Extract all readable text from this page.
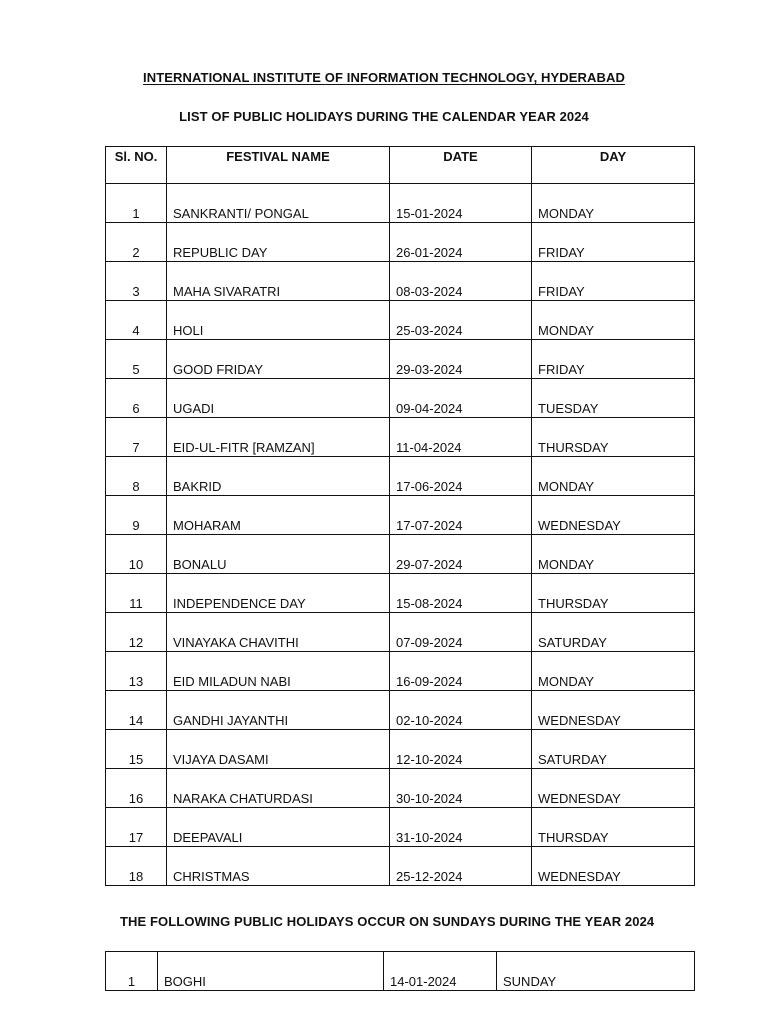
INTERNATIONAL INSTITUTE OF INFORMATION TECHNOLOGY, HYDERABAD

LIST OF PUBLIC HOLIDAYS DURING THE CALENDAR YEAR 2024

Sl. NO.	FESTIVAL NAME	DATE	DAY
1	SANKRANTI/ PONGAL	15-01-2024	MONDAY
2	REPUBLIC DAY	26-01-2024	FRIDAY
3	MAHA SIVARATRI	08-03-2024	FRIDAY
4	HOLI	25-03-2024	MONDAY
5	GOOD FRIDAY	29-03-2024	FRIDAY
6	UGADI	09-04-2024	TUESDAY
7	EID-UL-FITR [RAMZAN]	11-04-2024	THURSDAY
8	BAKRID	17-06-2024	MONDAY
9	MOHARAM	17-07-2024	WEDNESDAY
10	BONALU	29-07-2024	MONDAY
11	INDEPENDENCE DAY	15-08-2024	THURSDAY
12	VINAYAKA CHAVITHI	07-09-2024	SATURDAY
13	EID MILADUN NABI	16-09-2024	MONDAY
14	GANDHI JAYANTHI	02-10-2024	WEDNESDAY
15	VIJAYA DASAMI	12-10-2024	SATURDAY
16	NARAKA CHATURDASI	30-10-2024	WEDNESDAY
17	DEEPAVALI	31-10-2024	THURSDAY
18	CHRISTMAS	25-12-2024	WEDNESDAY

THE FOLLOWING PUBLIC HOLIDAYS OCCUR ON SUNDAYS DURING THE YEAR 2024

1	BOGHI	14-01-2024	SUNDAY
